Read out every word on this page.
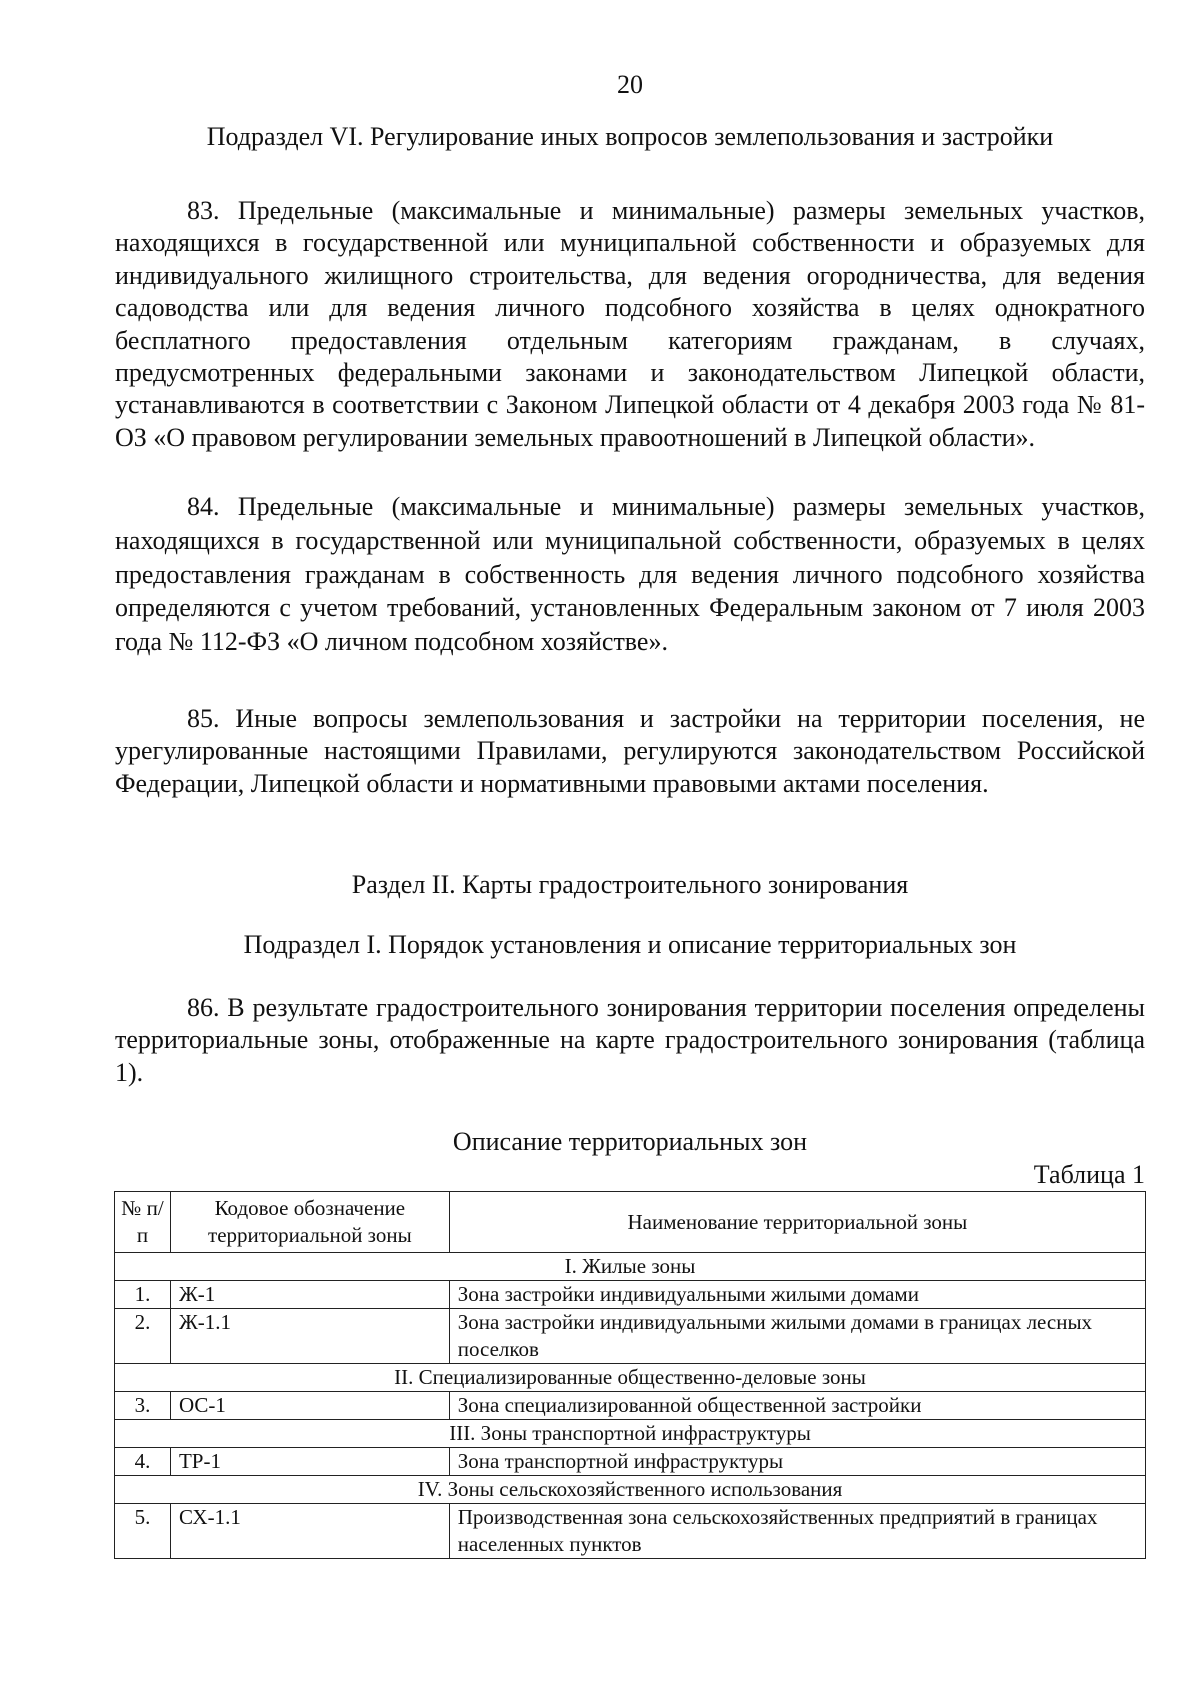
20
Подраздел VI. Регулирование иных вопросов землепользования и застройки
83. Предельные (максимальные и минимальные) размеры земельных участков, находящихся в государственной или муниципальной собственности и образуемых для индивидуального жилищного строительства, для ведения огородничества, для ведения садоводства или для ведения личного подсобного хозяйства в целях однократного бесплатного предоставления отдельным категориям гражданам, в случаях, предусмотренных федеральными законами и законодательством Липецкой области, устанавливаются в соответствии с Законом Липецкой области от 4 декабря 2003 года № 81-ОЗ «О правовом регулировании земельных правоотношений в Липецкой области».
84. Предельные (максимальные и минимальные) размеры земельных участков, находящихся в государственной или муниципальной собственности, образуемых в целях предоставления гражданам в собственность для ведения личного подсобного хозяйства определяются с учетом требований, установленных Федеральным законом от 7 июля 2003 года № 112-ФЗ «О личном подсобном хозяйстве».
85. Иные вопросы землепользования и застройки на территории поселения, не урегулированные настоящими Правилами, регулируются законодательством Российской Федерации, Липецкой области и нормативными правовыми актами поселения.
Раздел II. Карты градостроительного зонирования
Подраздел I. Порядок установления и описание территориальных зон
86. В результате градостроительного зонирования территории поселения определены территориальные зоны, отображенные на карте градостроительного зонирования (таблица 1).
Описание территориальных зон
Таблица 1
№ п/п	Кодовое обозначение территориальной зоны	Наименование территориальной зоны
I. Жилые зоны		
1.	Ж-1	Зона застройки индивидуальными жилыми домами
2.	Ж-1.1	Зона застройки индивидуальными жилыми домами в границах лесных поселков
II. Специализированные общественно-деловые зоны		
3.	ОС-1	Зона специализированной общественной застройки
III. Зоны транспортной инфраструктуры		
4.	ТР-1	Зона транспортной инфраструктуры
IV. Зоны сельскохозяйственного использования		
5.	СХ-1.1	Производственная зона сельскохозяйственных предприятий в границах населенных пунктов
